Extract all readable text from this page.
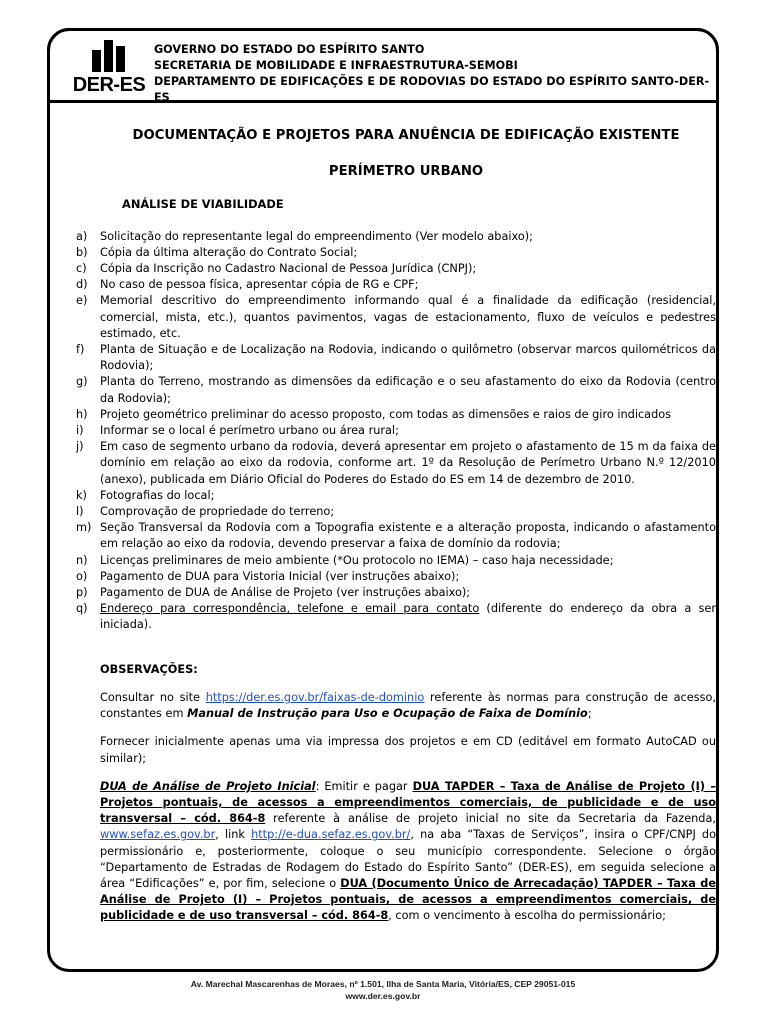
DER-ES
GOVERNO DO ESTADO DO ESPÍRITO SANTO
SECRETARIA DE MOBILIDADE E INFRAESTRUTURA-SEMOBI
DEPARTAMENTO DE EDIFICAÇÕES E DE RODOVIAS DO ESTADO DO ESPÍRITO SANTO-DER-ES
DOCUMENTAÇÃO E PROJETOS PARA ANUÊNCIA DE EDIFICAÇÃO EXISTENTE
PERÍMETRO URBANO
ANÁLISE DE VIABILIDADE
a)	Solicitação do representante legal do empreendimento (Ver modelo abaixo);
b)	Cópia da última alteração do Contrato Social;
c)	Cópia da Inscrição no Cadastro Nacional de Pessoa Jurídica (CNPJ);
d)	No caso de pessoa física, apresentar cópia de RG e CPF;
e)	Memorial descritivo do empreendimento informando qual é a finalidade da edificação (residencial, comercial, mista, etc.), quantos pavimentos, vagas de estacionamento, fluxo de veículos e pedestres estimado, etc.
f)	Planta de Situação e de Localização na Rodovia, indicando o quilômetro (observar marcos quilométricos da Rodovia);
g)	Planta do Terreno, mostrando as dimensões da edificação e o seu afastamento do eixo da Rodovia (centro da Rodovia);
h)	Projeto geométrico preliminar do acesso proposto, com todas as dimensões e raios de giro indicados
i)	Informar se o local é perímetro urbano ou área rural;
j)	Em caso de segmento urbano da rodovia, deverá apresentar em projeto o afastamento de 15 m da faixa de domínio em relação ao eixo da rodovia, conforme art. 1º da Resolução de Perímetro Urbano N.º 12/2010 (anexo), publicada em Diário Oficial do Poderes do Estado do ES em 14 de dezembro de 2010.
k)	Fotografias do local;
l)	Comprovação de propriedade do terreno;
m) Seção Transversal da Rodovia com a Topografia existente e a alteração proposta, indicando o afastamento em relação ao eixo da rodovia, devendo preservar a faixa de domínio da rodovia;
n)	Licenças preliminares de meio ambiente (*Ou protocolo no IEMA) – caso haja necessidade;
o)	Pagamento de DUA para Vistoria Inicial (ver instruções abaixo);
p)	Pagamento de DUA de Análise de Projeto (ver instruções abaixo);
q)	Endereço para correspondência, telefone e email para contato (diferente do endereço da obra a ser iniciada).
OBSERVAÇÕES:
Consultar no site https://der.es.gov.br/faixas-de-dominio referente às normas para construção de acesso, constantes em Manual de Instrução para Uso e Ocupação de Faixa de Domínio;
Fornecer inicialmente apenas uma via impressa dos projetos e em CD (editável em formato AutoCAD ou similar);
DUA de Análise de Projeto Inicial: Emitir e pagar DUA TAPDER – Taxa de Análise de Projeto (I) – Projetos pontuais, de acessos a empreendimentos comerciais, de publicidade e de uso transversal – cód. 864-8 referente à análise de projeto inicial no site da Secretaria da Fazenda, www.sefaz.es.gov.br, link http://e-dua.sefaz.es.gov.br/, na aba “Taxas de Serviços”, insira o CPF/CNPJ do permissionário e, posteriormente, coloque o seu município correspondente. Selecione o órgão “Departamento de Estradas de Rodagem do Estado do Espírito Santo” (DER-ES), em seguida selecione a área “Edificações” e, por fim, selecione o DUA (Documento Único de Arrecadação) TAPDER – Taxa de Análise de Projeto (I) – Projetos pontuais, de acessos a empreendimentos comerciais, de publicidade e de uso transversal – cód. 864-8, com o vencimento à escolha do permissionário;
Av. Marechal Mascarenhas de Moraes, nº 1.501, Ilha de Santa Maria, Vitória/ES, CEP 29051-015
www.der.es.gov.br
